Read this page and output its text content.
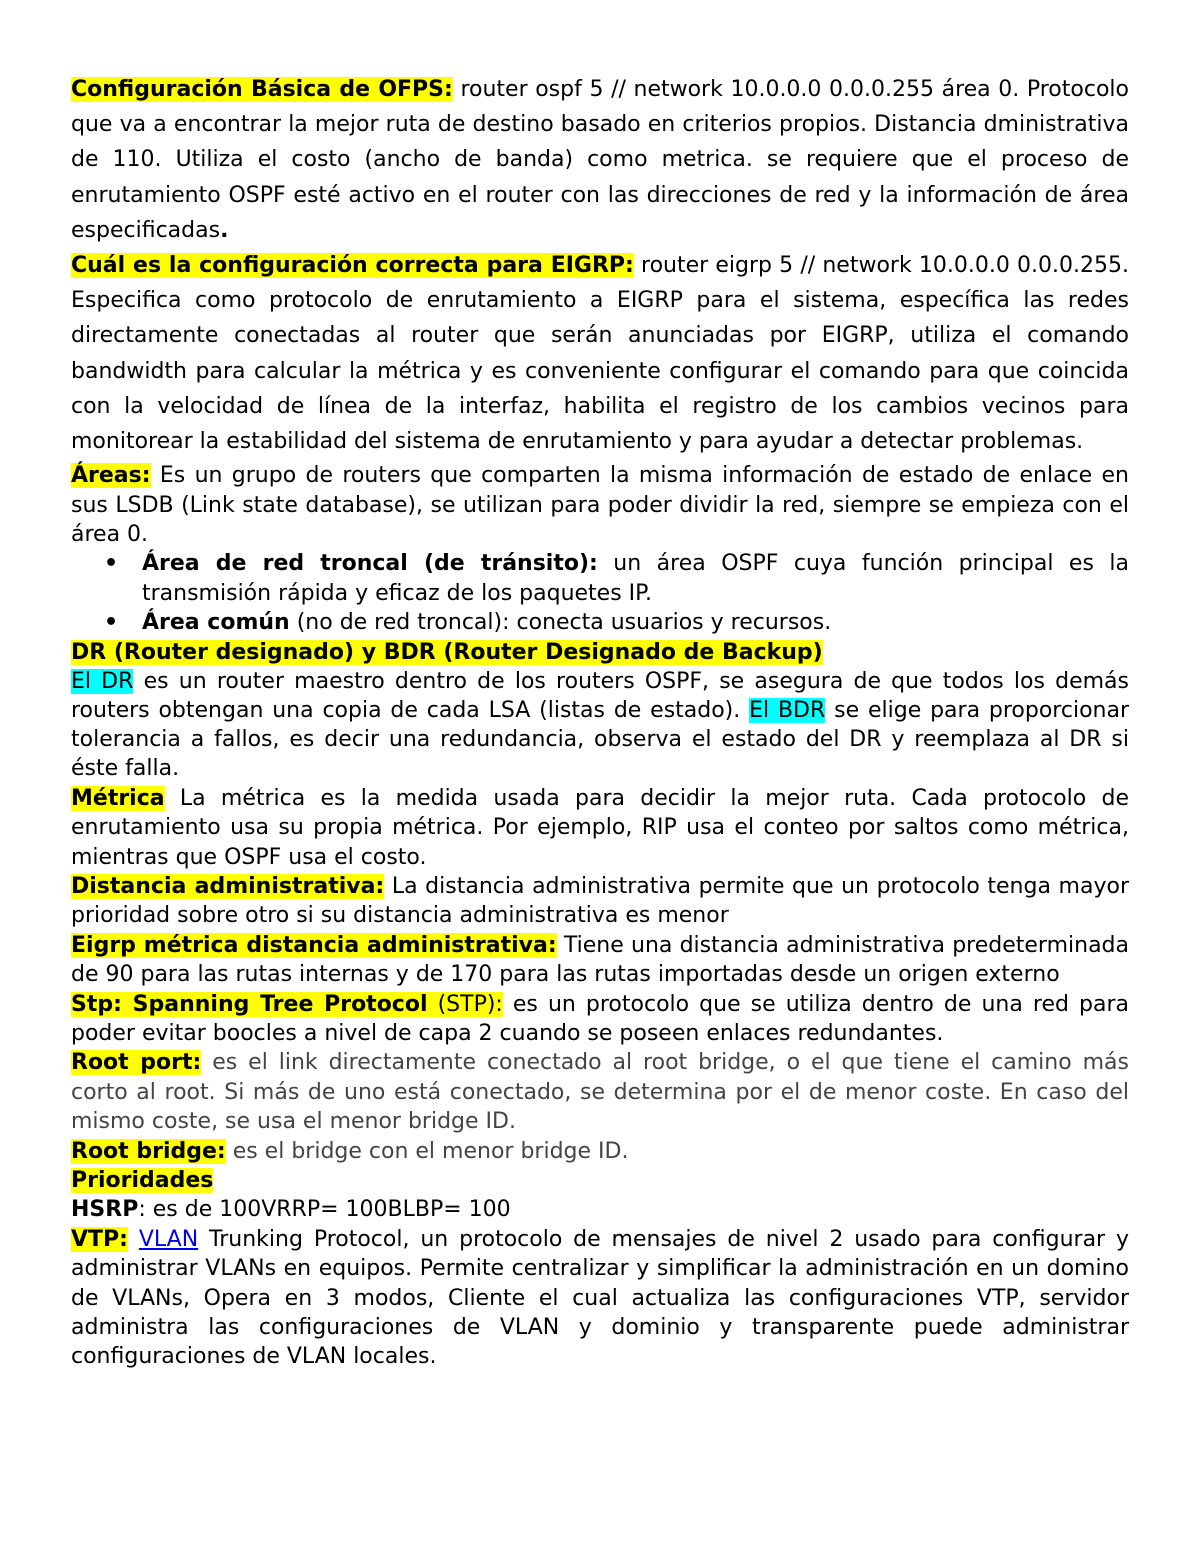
Configuración Básica de OFPS: router ospf 5 // network 10.0.0.0 0.0.0.255 área 0. Protocolo que va a encontrar la mejor ruta de destino basado en criterios propios. Distancia dministrativa de 110. Utiliza el costo (ancho de banda) como metrica. se requiere que el proceso de enrutamiento OSPF esté activo en el router con las direcciones de red y la información de área especificadas.

Cuál es la configuración correcta para EIGRP: router eigrp 5 // network 10.0.0.0 0.0.0.255. Especifica como protocolo de enrutamiento a EIGRP para el sistema, específica las redes directamente conectadas al router que serán anunciadas por EIGRP, utiliza el comando bandwidth para calcular la métrica y es conveniente configurar el comando para que coincida con la velocidad de línea de la interfaz, habilita el registro de los cambios vecinos para monitorear la estabilidad del sistema de enrutamiento y para ayudar a detectar problemas.

Áreas: Es un grupo de routers que comparten la misma información de estado de enlace en sus LSDB (Link state database), se utilizan para poder dividir la red, siempre se empieza con el área 0.

• Área de red troncal (de tránsito): un área OSPF cuya función principal es la transmisión rápida y eficaz de los paquetes IP.
• Área común (no de red troncal): conecta usuarios y recursos.

DR (Router designado) y BDR (Router Designado de Backup)

El DR es un router maestro dentro de los routers OSPF, se asegura de que todos los demás routers obtengan una copia de cada LSA (listas de estado). El BDR se elige para proporcionar tolerancia a fallos, es decir una redundancia, observa el estado del DR y reemplaza al DR si éste falla.

Métrica La métrica es la medida usada para decidir la mejor ruta. Cada protocolo de enrutamiento usa su propia métrica. Por ejemplo, RIP usa el conteo por saltos como métrica, mientras que OSPF usa el costo.

Distancia administrativa: La distancia administrativa permite que un protocolo tenga mayor prioridad sobre otro si su distancia administrativa es menor

Eigrp métrica distancia administrativa: Tiene una distancia administrativa predeterminada de 90 para las rutas internas y de 170 para las rutas importadas desde un origen externo

Stp: Spanning Tree Protocol (STP): es un protocolo que se utiliza dentro de una red para poder evitar boocles a nivel de capa 2 cuando se poseen enlaces redundantes.

Root port: es el link directamente conectado al root bridge, o el que tiene el camino más corto al root. Si más de uno está conectado, se determina por el de menor coste. En caso del mismo coste, se usa el menor bridge ID.

Root bridge: es el bridge con el menor bridge ID.

Prioridades

HSRP: es de 100VRRP= 100BLBP= 100

VTP: VLAN Trunking Protocol, un protocolo de mensajes de nivel 2 usado para configurar y administrar VLANs en equipos. Permite centralizar y simplificar la administración en un domino de VLANs, Opera en 3 modos, Cliente el cual actualiza las configuraciones VTP, servidor administra las configuraciones de VLAN y dominio y transparente puede administrar configuraciones de VLAN locales.
